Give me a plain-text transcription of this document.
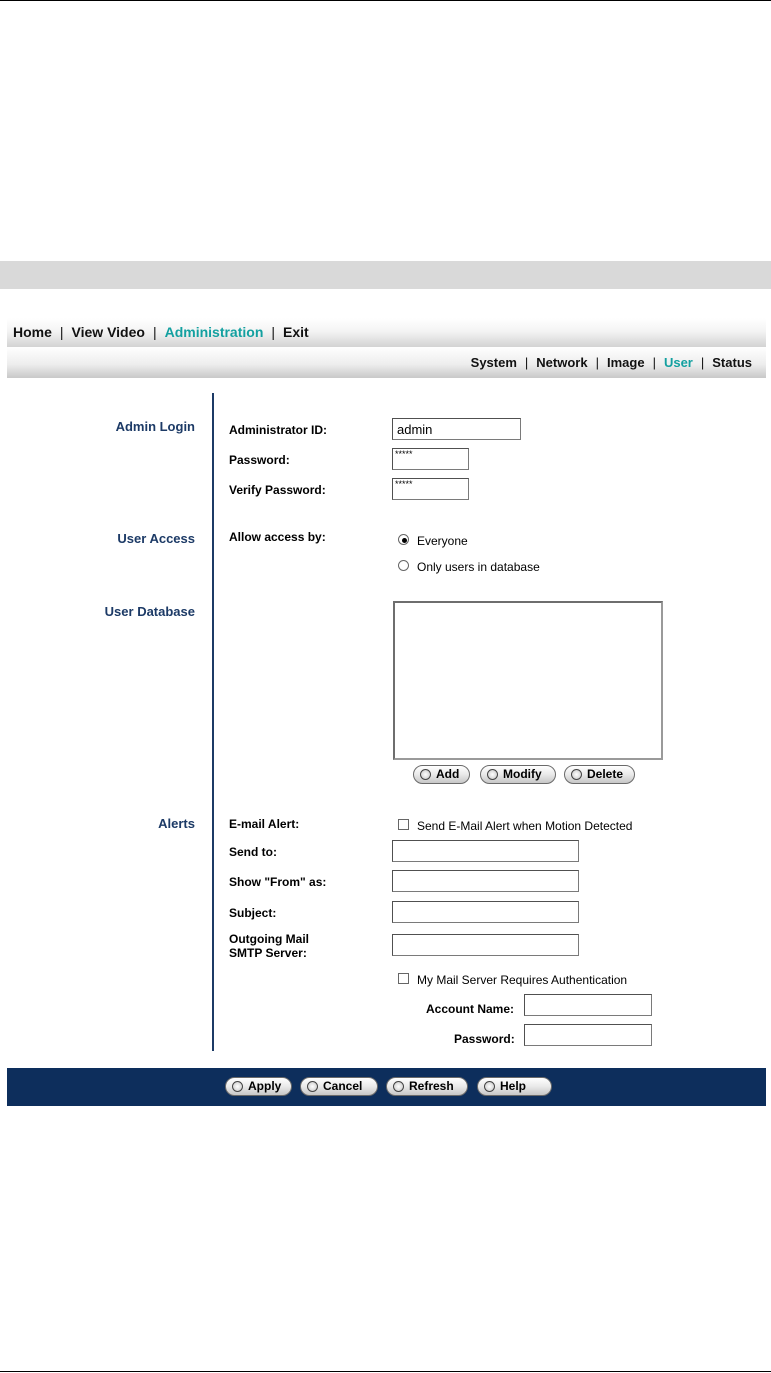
Home | View Video | Administration | Exit
System | Network | Image | User | Status
Admin Login
User Access
User Database
Alerts
Administrator ID:	admin
Password:	*****
Verify Password:	*****
Allow access by:	Everyone
Only users in database
Add	Modify	Delete
E-mail Alert:	Send E-Mail Alert when Motion Detected
Send to:
Show "From" as:
Subject:
Outgoing Mail
SMTP Server:
My Mail Server Requires Authentication
Account Name:
Password:
Apply	Cancel	Refresh	Help
